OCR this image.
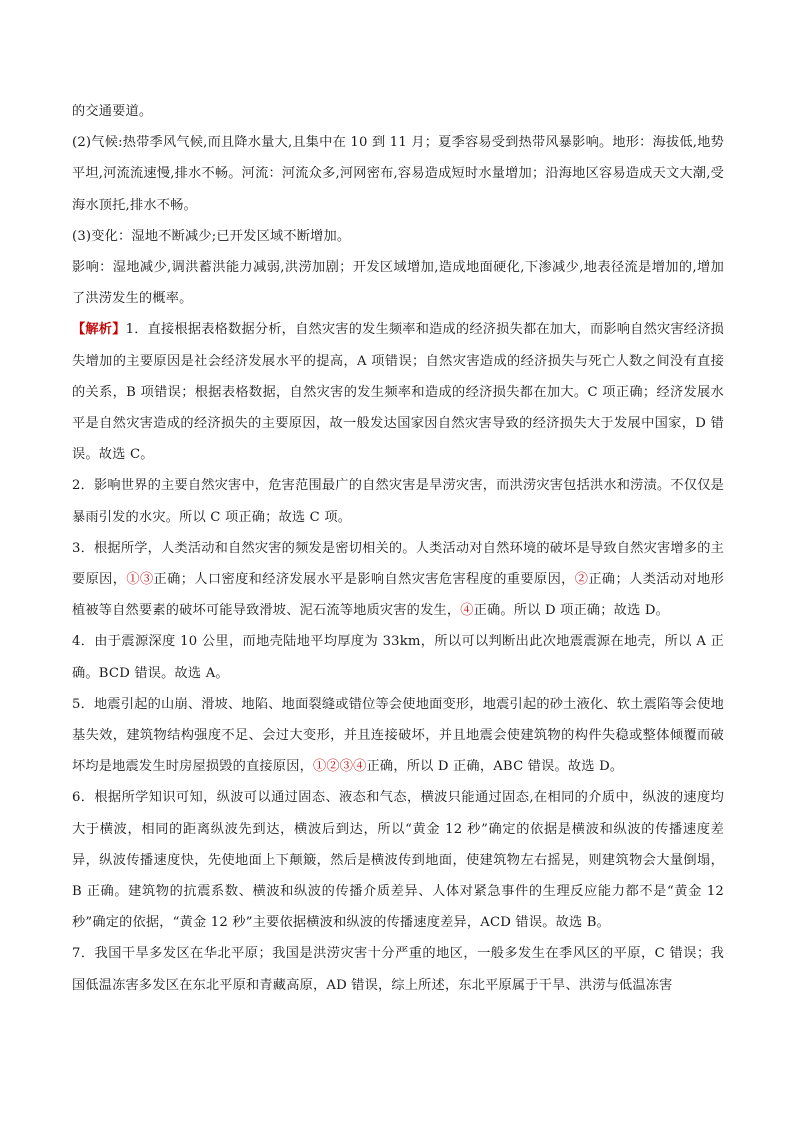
的交通要道。

(2)气候:热带季风气候,而且降水量大,且集中在 10 到 11 月；夏季容易受到热带风暴影响。地形：海拔低,地势平坦,河流流速慢,排水不畅。河流：河流众多,河网密布,容易造成短时水量增加；沿海地区容易造成天文大潮,受海水顶托,排水不畅。

(3)变化：湿地不断减少;已开发区域不断增加。

影响：湿地减少,调洪蓄洪能力减弱,洪涝加剧；开发区域增加,造成地面硬化,下渗减少,地表径流是增加的,增加了洪涝发生的概率。

【解析】1．直接根据表格数据分析，自然灾害的发生频率和造成的经济损失都在加大，而影响自然灾害经济损失增加的主要原因是社会经济发展水平的提高，A 项错误；自然灾害造成的经济损失与死亡人数之间没有直接的关系，B 项错误；根据表格数据，自然灾害的发生频率和造成的经济损失都在加大。C 项正确；经济发展水平是自然灾害造成的经济损失的主要原因，故一般发达国家因自然灾害导致的经济损失大于发展中国家，D 错误。故选 C。

2．影响世界的主要自然灾害中，危害范围最广的自然灾害是旱涝灾害，而洪涝灾害包括洪水和涝渍。不仅仅是暴雨引发的水灾。所以 C 项正确；故选 C 项。

3．根据所学，人类活动和自然灾害的频发是密切相关的。人类活动对自然环境的破坏是导致自然灾害增多的主要原因，①③正确；人口密度和经济发展水平是影响自然灾害危害程度的重要原因，②正确；人类活动对地形植被等自然要素的破坏可能导致滑坡、泥石流等地质灾害的发生，④正确。所以 D 项正确；故选 D。

4．由于震源深度 10 公里，而地壳陆地平均厚度为 33km，所以可以判断出此次地震震源在地壳，所以 A 正确。BCD 错误。故选 A。

5．地震引起的山崩、滑坡、地陷、地面裂缝或错位等会使地面变形，地震引起的砂土液化、软土震陷等会使地基失效，建筑物结构强度不足、会过大变形，并且连接破坏，并且地震会使建筑物的构件失稳或整体倾覆而破坏均是地震发生时房屋损毁的直接原因，①②③④正确，所以 D 正确，ABC 错误。故选 D。

6．根据所学知识可知，纵波可以通过固态、液态和气态，横波只能通过固态,在相同的介质中，纵波的速度均大于横波，相同的距离纵波先到达，横波后到达，所以“黄金 12 秒”确定的依据是横波和纵波的传播速度差异，纵波传播速度快，先使地面上下颠簸，然后是横波传到地面，使建筑物左右摇晃，则建筑物会大量倒塌，B 正确。建筑物的抗震系数、横波和纵波的传播介质差异、人体对紧急事件的生理反应能力都不是“黄金 12 秒”确定的依据，“黄金 12 秒”主要依据横波和纵波的传播速度差异，ACD 错误。故选 B。

7．我国干旱多发区在华北平原；我国是洪涝灾害十分严重的地区，一般多发生在季风区的平原，C 错误；我国低温冻害多发区在东北平原和青藏高原，AD 错误，综上所述，东北平原属于干旱、洪涝与低温冻害
